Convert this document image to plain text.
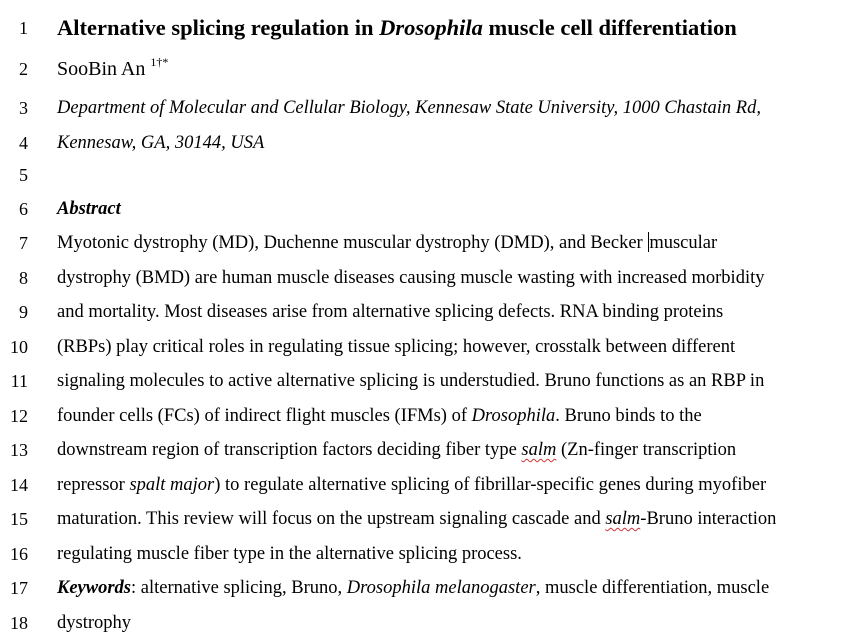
1 Alternative splicing regulation in Drosophila muscle cell differentiation
2 SooBin An $^{1\dagger*}$
3 Department of Molecular and Cellular Biology, Kennesaw State University, 1000 Chastain Rd,
4 Kennesaw, GA, 30144, USA
5
6 Abstract
7 Myotonic dystrophy (MD), Duchenne muscular dystrophy (DMD), and Becker muscular
8 dystrophy (BMD) are human muscle diseases causing muscle wasting with increased morbidity
9 and mortality. Most diseases arise from alternative splicing defects. RNA binding proteins
10 (RBPs) play critical roles in regulating tissue splicing; however, crosstalk between different
11 signaling molecules to active alternative splicing is understudied. Bruno functions as an RBP in
12 founder cells (FCs) of indirect flight muscles (IFMs) of Drosophila. Bruno binds to the
13 downstream region of transcription factors deciding fiber type salm (Zn-finger transcription
14 repressor spalt major) to regulate alternative splicing of fibrillar-specific genes during myofiber
15 maturation. This review will focus on the upstream signaling cascade and salm-Bruno interaction
16 regulating muscle fiber type in the alternative splicing process.
17 Keywords: alternative splicing, Bruno, Drosophila melanogaster, muscle differentiation, muscle
18 dystrophy
